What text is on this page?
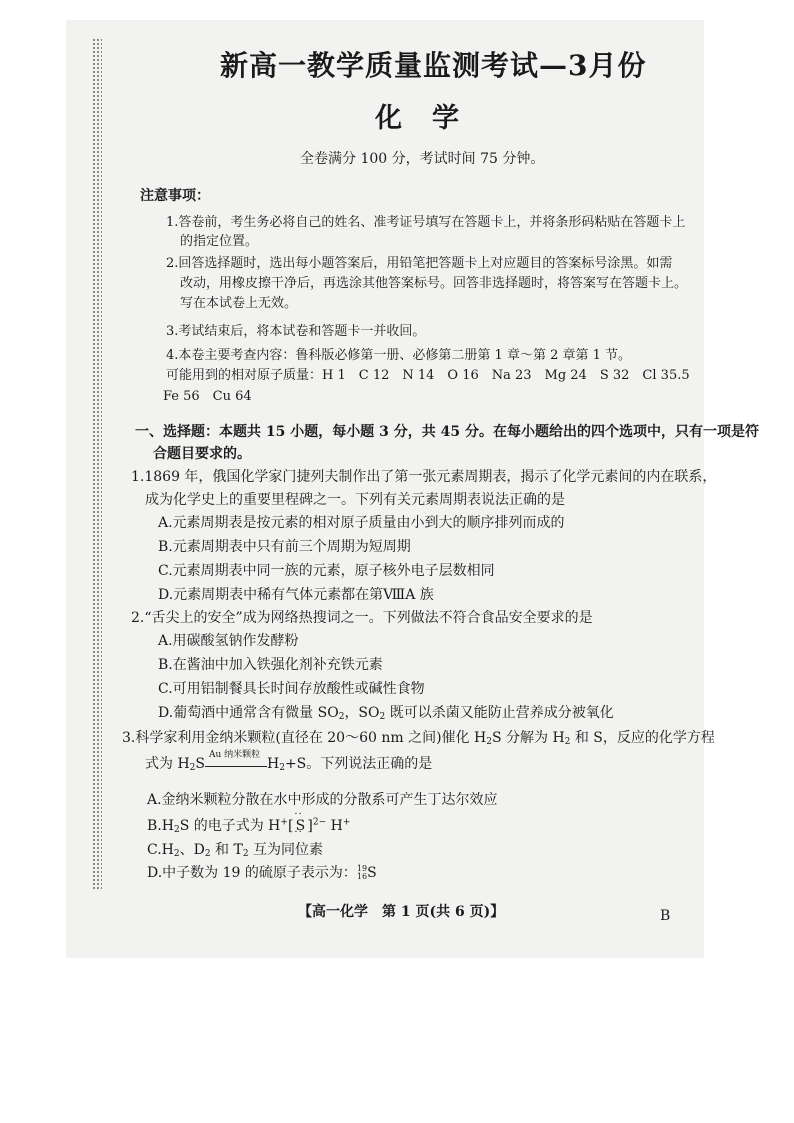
新高一教学质量监测考试—3月份
化学
全卷满分 100 分，考试时间 75 分钟。
注意事项：
1.答卷前，考生务必将自己的姓名、准考证号填写在答题卡上，并将条形码粘贴在答题卡上
的指定位置。
2.回答选择题时，选出每小题答案后，用铅笔把答题卡上对应题目的答案标号涂黑。如需
改动，用橡皮擦干净后，再选涂其他答案标号。回答非选择题时，将答案写在答题卡上。
写在本试卷上无效。
3.考试结束后，将本试卷和答题卡一并收回。
4.本卷主要考查内容：鲁科版必修第一册、必修第二册第 1 章～第 2 章第 1 节。
可能用到的相对原子质量：H 1　C 12　N 14　O 16　Na 23　Mg 24　S 32　Cl 35.5
Fe 56　Cu 64
一、选择题：本题共 15 小题，每小题 3 分，共 45 分。在每小题给出的四个选项中，只有一项是符
合题目要求的。
1.1869 年，俄国化学家门捷列夫制作出了第一张元素周期表，揭示了化学元素间的内在联系，
成为化学史上的重要里程碑之一。下列有关元素周期表说法正确的是
A.元素周期表是按元素的相对原子质量由小到大的顺序排列而成的
B.元素周期表中只有前三个周期为短周期
C.元素周期表中同一族的元素，原子核外电子层数相同
D.元素周期表中稀有气体元素都在第ⅧA 族
2.“舌尖上的安全”成为网络热搜词之一。下列做法不符合食品安全要求的是
A.用碳酸氢钠作发酵粉
B.在酱油中加入铁强化剂补充铁元素
C.可用铝制餐具长时间存放酸性或碱性食物
D.葡萄酒中通常含有微量 $SO_2$，$SO_2$ 既可以杀菌又能防止营养成分被氧化
3.科学家利用金纳米颗粒(直径在 20～60 nm 之间)催化 $H_2S$ 分解为 $H_2$ 和 S，反应的化学方程
式为 $H_2S$
Au 纳米颗粒
$H_2+S$。下列说法正确的是
A.金纳米颗粒分散在水中形成的分散系可产生丁达尔效应
$B.H_2S$ 的电子式为 $H^+[ \cdot\cdot S \cdot\cdot ]^{2-}$ H+
$C.H_2$、$D_2$ 和 $T_2$ 互为同位素
D.中子数为 19 的硫原子表示为： 19
16 S
【高一化学　第 1 页(共 6 页)】	B
